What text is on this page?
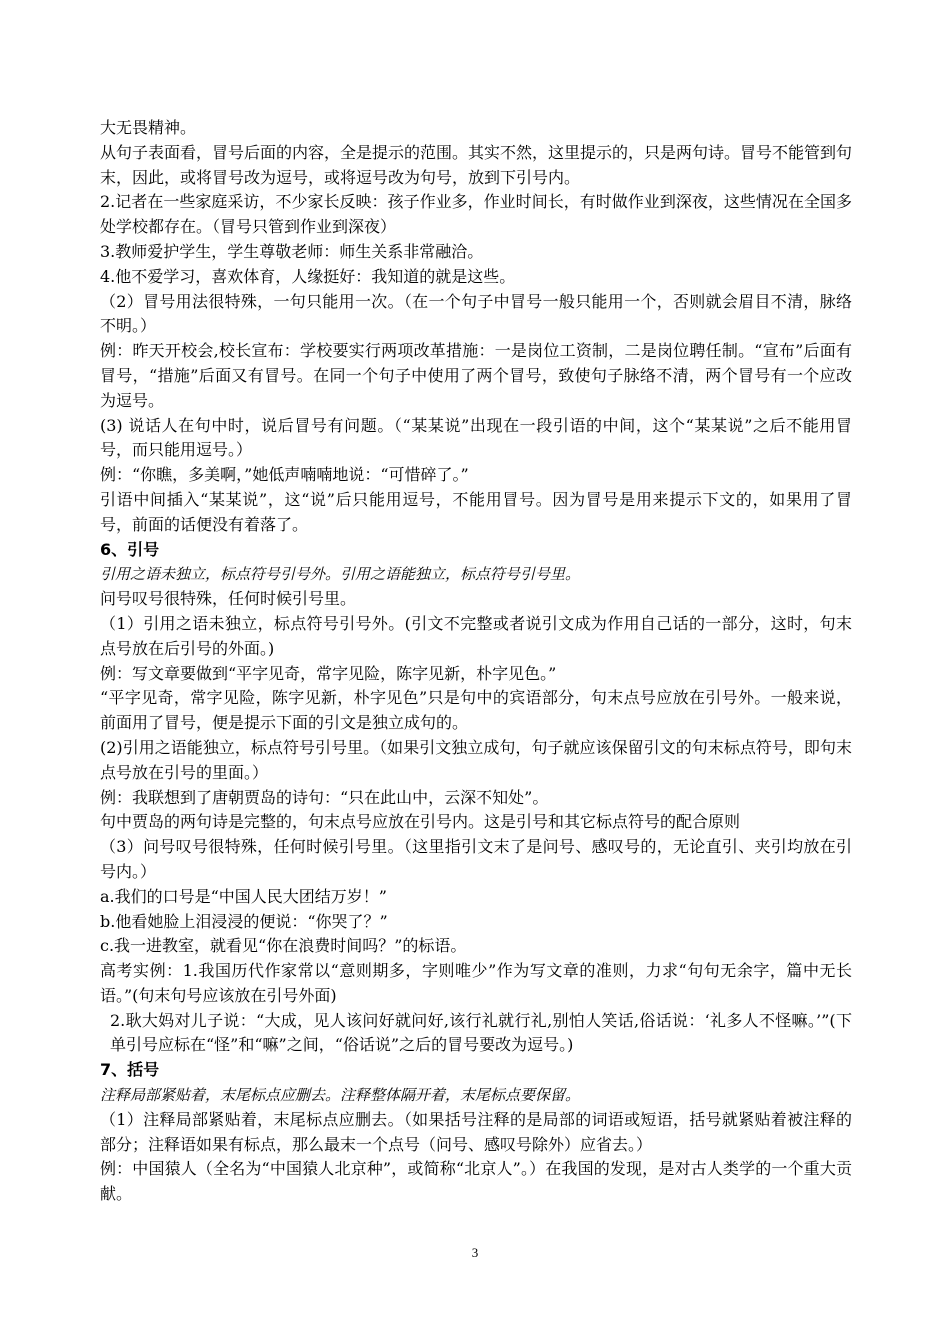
大无畏精神。
从句子表面看，冒号后面的内容，全是提示的范围。其实不然，这里提示的，只是两句诗。冒号不能管到句末，因此，或将冒号改为逗号，或将逗号改为句号，放到下引号内。
2.记者在一些家庭采访，不少家长反映：孩子作业多，作业时间长，有时做作业到深夜，这些情况在全国多处学校都存在。（冒号只管到作业到深夜）
3.教师爱护学生，学生尊敬老师：师生关系非常融洽。
4.他不爱学习，喜欢体育，人缘挺好：我知道的就是这些。
（2）冒号用法很特殊，一句只能用一次。（在一个句子中冒号一般只能用一个，否则就会眉目不清，脉络不明。）
例：昨天开校会,校长宣布：学校要实行两项改革措施：一是岗位工资制，二是岗位聘任制。“宣布”后面有冒号，“措施”后面又有冒号。在同一个句子中使用了两个冒号，致使句子脉络不清，两个冒号有一个应改为逗号。
(3) 说话人在句中时，说后冒号有问题。（“某某说”出现在一段引语的中间，这个“某某说”之后不能用冒号，而只能用逗号。）
例：“你瞧，多美啊，”她低声喃喃地说：“可惜碎了。”
引语中间插入“某某说”，这“说”后只能用逗号，不能用冒号。因为冒号是用来提示下文的，如果用了冒号，前面的话便没有着落了。
6、引号
引用之语未独立，标点符号引号外。引用之语能独立，标点符号引号里。
问号叹号很特殊，任何时候引号里。
（1）引用之语未独立，标点符号引号外。(引文不完整或者说引文成为作用自己话的一部分，这时，句末点号放在后引号的外面。)
例：写文章要做到“平字见奇，常字见险，陈字见新，朴字见色。”
“平字见奇，常字见险，陈字见新，朴字见色”只是句中的宾语部分，句末点号应放在引号外。一般来说，前面用了冒号，便是提示下面的引文是独立成句的。
(2)引用之语能独立，标点符号引号里。（如果引文独立成句，句子就应该保留引文的句末标点符号，即句末点号放在引号的里面。）
例：我联想到了唐朝贾岛的诗句：“只在此山中，云深不知处”。
句中贾岛的两句诗是完整的，句末点号应放在引号内。这是引号和其它标点符号的配合原则
（3）问号叹号很特殊，任何时候引号里。（这里指引文末了是问号、感叹号的，无论直引、夹引均放在引号内。）
a.我们的口号是“中国人民大团结万岁！”
b.他看她脸上泪浸浸的便说：“你哭了？”
c.我一进教室，就看见“你在浪费时间吗？”的标语。
高考实例：1.我国历代作家常以“意则期多，字则唯少”作为写文章的准则，力求“句句无余字，篇中无长语。”(句末句号应该放在引号外面)
2.耿大妈对儿子说：“大成，见人该问好就问好,该行礼就行礼,别怕人笑话,俗话说：‘礼多人不怪嘛。’”(下单引号应标在“怪”和“嘛”之间，“俗话说”之后的冒号要改为逗号。)
7、括号
注释局部紧贴着，末尾标点应删去。注释整体隔开着，末尾标点要保留。
（1）注释局部紧贴着，末尾标点应删去。（如果括号注释的是局部的词语或短语，括号就紧贴着被注释的部分；注释语如果有标点，那么最末一个点号（问号、感叹号除外）应省去。）
例：中国猿人（全名为“中国猿人北京种”，或简称“北京人”。）在我国的发现，是对古人类学的一个重大贡献。
3
